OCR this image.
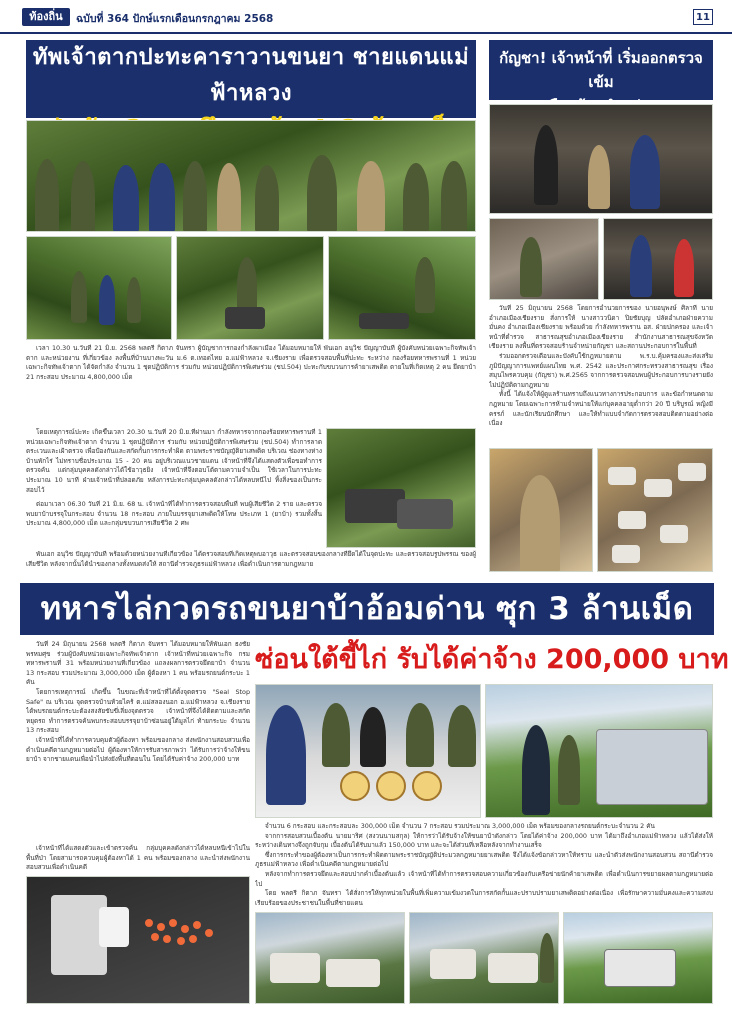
ท้องถิ่น	ฉบับที่ 364 ปักษ์แรกเดือนกรกฎาคม 2568	11
ทัพเจ้าตากปะทะคาราวานขนยา ชายแดนแม่ฟ้าหลวง

เวลา 10.30 น.วันที่ 21 มิ.ย. 2568 พลตรี กิตาภ จันทรา ผู้บัญชาการกองกำลังผาเมือง ได้มอบหมายให้ พันเอก อนุวิช ปัญญาบันที ผู้บังคับหน่วยเฉพาะกิจทัพเจ้าตาก และหน่วยงาน ที่เกี่ยวข้อง ลงพื้นที่บ้านบางพะวัน ม.6 ต.เทอดไทย อ.แม่ฟ้าหลวง จ.เชียงราย เพื่อตรวจสอบพื้นที่ปะทะ ระหว่าง กองร้อยทหารพรานที่ 1 หน่วยเฉพาะกิจทัพเจ้าตาก ได้จัดกำลัง จำนวน 1 ชุดปฏิบัติการ ร่วมกับ หน่วยปฏิบัติการพิเศษร่วม (ชป.504) ปะทะกับขบวนการค้ายาเสพติด ตายในที่เกิดเหตุ 2 คน ยึดยาบ้า 21 กระสอบ ประมาณ 4,800,000 เม็ด

โดยเหตุการณ์ปะทะ เกิดขึ้นเวลา 20.30 น.วันที่ 20 มิ.ย.ที่ผ่านมา กำลังทหารจากกองร้อยทหารพรานที่ 1 หน่วยเฉพาะกิจทัพเจ้าตาก จำนวน 1 ชุดปฏิบัติการ ร่วมกับ หน่วยปฏิบัติการพิเศษร่วม (ชป.504) ทำการลาดตระเวนและเฝ้าตรวจ เพื่อป้องกันและสกัดกั้นการกระทำผิด ตามพระราชบัญญัติยาเสพติด บริเวณ ช่องทางห่างบ้านพักไร่ ไม่ทราบชื่อประมาณ 15 - 20 คน อยู่บริเวณแนวชายแดน เจ้าหน้าที่จึงได้แสดงตัวเพื่อขอทำการตรวจค้น แต่กลุ่มบุคคลดังกล่าวได้ใช้อาวุธยิง เจ้าหน้าที่จึงตอบโต้ตามความจำเป็น ใช้เวลาในการปะทะประมาณ 10 นาที ฝ่ายเจ้าหน้าที่ปลอดภัย หลังการปะทะกลุ่มบุคคลดังกล่าวได้หลบหนีไป ทิ้งสิ่งของเป็นกระสอบไว้

ต่อมาเวลา 06.30 วันที่ 21 มิ.ย. 68 น. เจ้าหน้าที่ได้ทำการตรวจสอบพื้นที่ พบผู้เสียชีวิต 2 ราย และตรวจพบยาบ้าบรรจุในกระสอบ จำนวน 18 กระสอบ ภายในบรรจุยาเสพติดให้โทษ ประเภท 1 (ยาบ้า) รวมทั้งสิ้นประมาณ 4,800,000 เม็ด และกลุ่มขบวนการเสียชีวิต 2 ศพ

พันเอก อนุวิช ปัญญาบันที พร้อมด้วยหน่วยงานที่เกี่ยวข้อง ได้ตรวจสอบที่เกิดเหตุพบอาวุธ และตรวจสอบของกลางที่ยึดได้ในจุดปะทะ และตรวจสอบรูปพรรณ ของผู้เสียชีวิต หลังจากนั้นได้นำของกลางทั้งหมดส่งให้ สถานีตำรวจภูธรแม่ฟ้าหลวง เพื่อดำเนินการตามกฎหมาย

กัญชา! เจ้าหน้าที่ เริ่มออกตรวจเข้ม

วันที่ 25 มิถุนายน 2568 โดยการอำนวยการของ นายอนุพงษ์ ศิลาที นายอำเภอเมืองเชียงราย สั่งการให้ นางสาววนิดา ปิยชัยบุญ ปลัดอำเภอฝ่ายความมั่นคง อำเภอเมืองเชียงราย พร้อมด้วย กำลังทหารพราน อส. ฝ่ายปกครอง และเจ้าหน้าที่ตำรวจ สาธารณสุขอำเภอเมืองเชียงราย สำนักงานสาธารณสุขจังหวัดเชียงราย ลงพื้นที่ตรวจสอบร้านจำหน่ายกัญชา และสถานประกอบการในพื้นที่

ร่วมออกตรวจเตือนและบังคับใช้กฎหมายตาม พ.ร.บ.คุ้มครองและส่งเสริมภูมิปัญญาการแพทย์แผนไทย พ.ศ. 2542 และประกาศกระทรวงสาธารณสุข เรื่อง สมุนไพรควบคุม (กัญชา) พ.ศ.2565 จากการตรวจสอบพบผู้ประกอบการบางรายยังไม่ปฏิบัติตามกฎหมาย

ทั้งนี้ ได้แจ้งให้ผู้ดูแลร้านทราบถึงแนวทางการประกอบการ และข้อกำหนดตามกฎหมาย โดยเฉพาะการห้ามจำหน่ายให้แก่บุคคลอายุต่ำกว่า 20 ปี บริบูรณ์ หญิงมีครรภ์ และนักเรียนนักศึกษา และให้ทำแบบจำกัดการตรวจสอบติดตามอย่างต่อเนื่อง

ทหารไล่กวดรถขนยาบ้าอ้อมด่าน ซุก 3 ล้านเม็ด
ซ่อนใต้ขี้ไก่ รับได้ค่าจ้าง 200,000 บาท

วันที่ 24 มิถุนายน 2568 พลตรี กิตาภ จันทรา ได้มอบหมายให้พันเอก ธงชัย พรหมศุข ร่วมผู้บังคับหน่วยเฉพาะกิจทัพเจ้าตาก เจ้าหน้าที่หน่วยเฉพาะกิจ กรมทหารพรานที่ 31 พร้อมหน่วยงานที่เกี่ยวข้อง แถลงผลการตรวจยึดยาบ้า จำนวน 13 กระสอบ รวมประมาณ 3,000,000 เม็ด ผู้ต้องหา 1 คน พร้อมรถยนต์กระบะ 1 คัน

โดยการเหตุการณ์ เกิดขึ้น ในขณะที่เจ้าหน้าที่ได้ตั้งจุดตรวจ "Seal Stop Safe" ณ บริเวณ จุดตรวจบ้านห้วยไคร้ ต.แม่สลองนอก อ.แม่ฟ้าหลวง จ.เชียงราย ได้พบรถยนต์กระบะต้องสงสัยขับขี่เลี่ยงจุดตรวจ เจ้าหน้าที่จึงได้ติดตามและสกัดหยุดรถ ทำการตรวจค้นพบกระสอบบรรจุยาบ้าซ่อนอยู่ใต้มูลไก่ ท้ายกระบะ จำนวน 13 กระสอบ

เจ้าหน้าที่ได้ทำการควบคุมตัวผู้ต้องหา พร้อมของกลาง ส่งพนักงานสอบสวนเพื่อดำเนินคดีตามกฎหมายต่อไป ผู้ต้องหาให้การรับสารภาพว่า ได้รับการว่าจ้างให้ขนยาบ้า จากชายแดนเพื่อนำไปส่งยังพื้นที่ตอนใน โดยได้รับค่าจ้าง 200,000 บาท

เจ้าหน้าที่ได้แสดงตัวและเข้าตรวจค้น กลุ่มบุคคลดังกล่าวได้หลบหนีเข้าไปในพื้นที่ป่า โดยสามารถควบคุมผู้ต้องหาได้ 1 คน พร้อมของกลาง และนำส่งพนักงานสอบสวนเพื่อดำเนินคดี

จำนวน 6 กระสอบ และกระสอบละ 300,000 เม็ด จำนวน 7 กระสอบ รวมประมาณ 3,000,000 เม็ด พร้อมของกลางรถยนต์กระบะจำนวน 2 คัน

จากการสอบสวนเบื้องต้น นายมาริศ (สงวนนามสกุล) ให้การว่าได้รับจ้างให้ขนยาบ้าดังกล่าว โดยได้ค่าจ้าง 200,000 บาท ได้มาถึงอำเภอแม่ฟ้าหลวง แล้วได้ส่งให้ ระหว่างเดินทางจึงถูกจับกุม เบื้องต้นได้รับมาแล้ว 150,000 บาท และจะได้ส่วนที่เหลือหลังจากทำงานเสร็จ

ซึ่งการกระทำของผู้ต้องหาเป็นการกระทำผิดตามพระราชบัญญัติประมวลกฎหมายยาเสพติด จึงได้แจ้งข้อกล่าวหาให้ทราบ และนำตัวส่งพนักงานสอบสวน สถานีตำรวจภูธรแม่ฟ้าหลวง เพื่อดำเนินคดีตามกฎหมายต่อไป

หลังจากทำการตรวจยึดและสอบปากคำเบื้องต้นแล้ว เจ้าหน้าที่ได้ทำการตรวจสอบความเกี่ยวข้องกับเครือข่ายนักค้ายาเสพติด เพื่อดำเนินการขยายผลตามกฎหมายต่อไป

โดย พลตรี กิตาภ จันทรา ได้สั่งการให้ทุกหน่วยในพื้นที่เพิ่มความเข้มงวดในการสกัดกั้นและปราบปรามยาเสพติดอย่างต่อเนื่อง เพื่อรักษาความมั่นคงและความสงบเรียบร้อยของประชาชนในพื้นที่ชายแดน
